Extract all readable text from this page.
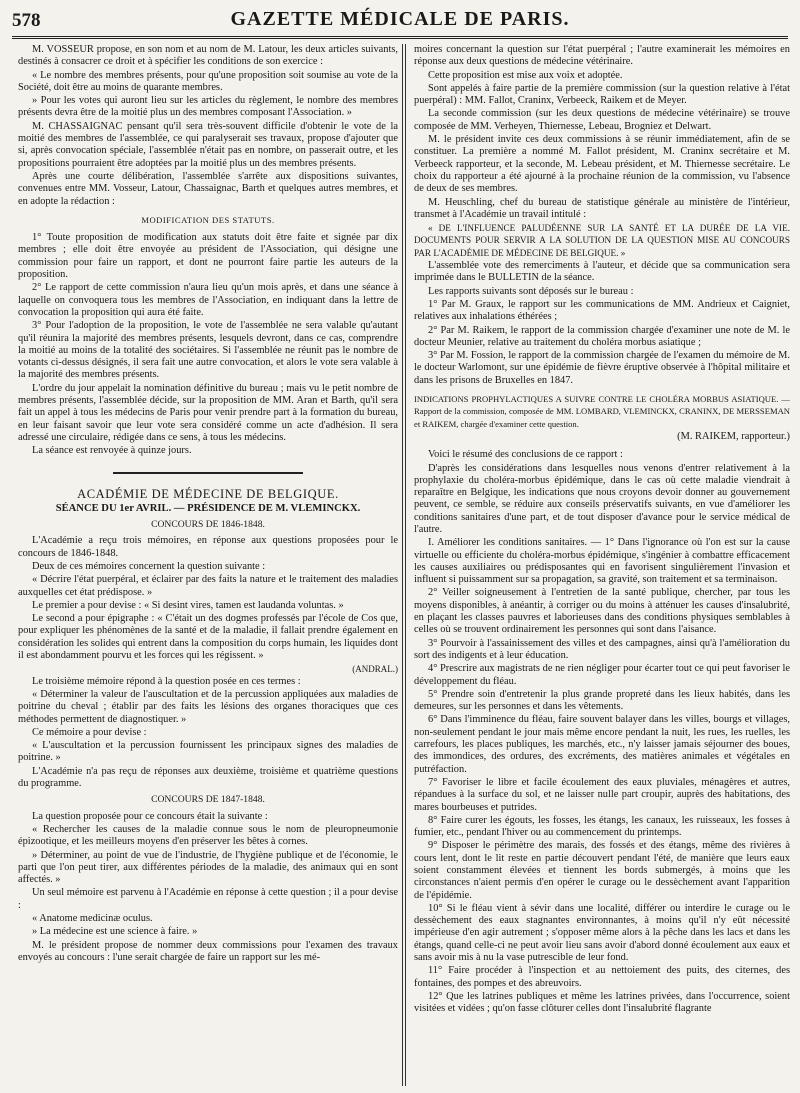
578	GAZETTE MÉDICALE DE PARIS.

M. VOSSEUR propose, en son nom et au nom de M. Latour, les deux articles suivants, destinés à consacrer ce droit et à spécifier les conditions de son exercice :

« Le nombre des membres présents, pour qu'une proposition soit soumise au vote de la Société, doit être au moins de quarante membres.

» Pour les votes qui auront lieu sur les articles du règlement, le nombre des membres présents devra être de la moitié plus un des membres composant l'Association. »

M. CHASSAIGNAC pensant qu'il sera très-souvent difficile d'obtenir le vote de la moitié des membres de l'assemblée, ce qui paralyserait ses travaux, propose d'ajouter que si, après convocation spéciale, l'assemblée n'était pas en nombre, on passerait outre, et les propositions pourraient être adoptées par la moitié plus un des membres présents.

Après une courte délibération, l'assemblée s'arrête aux dispositions suivantes, convenues entre MM. Vosseur, Latour, Chassaignac, Barth et quelques autres membres, et en adopte la rédaction :

MODIFICATION DES STATUTS.

1° Toute proposition de modification aux statuts doit être faite et signée par dix membres ; elle doit être envoyée au président de l'Association, qui désigne une commission pour faire un rapport, et dont ne pourront faire partie les auteurs de la proposition.

2° Le rapport de cette commission n'aura lieu qu'un mois après, et dans une séance à laquelle on convoquera tous les membres de l'Association, en indiquant dans la lettre de convocation la proposition qui aura été faite.

3° Pour l'adoption de la proposition, le vote de l'assemblée ne sera valable qu'autant qu'il réunira la majorité des membres présents, lesquels devront, dans ce cas, comprendre la moitié au moins de la totalité des sociétaires. Si l'assemblée ne réunit pas le nombre de votants ci-dessus désignés, il sera fait une autre convocation, et alors le vote sera valable à la majorité des membres présents.

L'ordre du jour appelait la nomination définitive du bureau ; mais vu le petit nombre de membres présents, l'assemblée décide, sur la proposition de MM. Aran et Barth, qu'il sera fait un appel à tous les médecins de Paris pour venir prendre part à la formation du bureau, en leur faisant savoir que leur vote sera considéré comme un acte d'adhésion. Il sera adressé une circulaire, rédigée dans ce sens, à tous les médecins.

La séance est renvoyée à quinze jours.

ACADÉMIE DE MÉDECINE DE BELGIQUE.
SÉANCE DU 1er AVRIL. — PRÉSIDENCE DE M. VLEMINCKX.
CONCOURS DE 1846-1848.

L'Académie a reçu trois mémoires, en réponse aux questions proposées pour le concours de 1846-1848.

Deux de ces mémoires concernent la question suivante :

« Décrire l'état puerpéral, et éclairer par des faits la nature et le traitement des maladies auxquelles cet état prédispose. »

Le premier a pour devise : « Si desint vires, tamen est laudanda voluntas. »

Le second a pour épigraphe : « C'était un des dogmes professés par l'école de Cos que, pour expliquer les phénomènes de la santé et de la maladie, il fallait prendre également en considération les solides qui entrent dans la composition du corps humain, les liquides dont il est abondamment pourvu et les forces qui les régissent. »

(ANDRAL.)

Le troisième mémoire répond à la question posée en ces termes :

« Déterminer la valeur de l'auscultation et de la percussion appliquées aux maladies de poitrine du cheval ; établir par des faits les lésions des organes thoraciques que ces méthodes permettent de diagnostiquer. »

Ce mémoire a pour devise :

« L'auscultation et la percussion fournissent les principaux signes des maladies de poitrine. »

L'Académie n'a pas reçu de réponses aux deuxième, troisième et quatrième questions du programme.

CONCOURS DE 1847-1848.

La question proposée pour ce concours était la suivante :

« Rechercher les causes de la maladie connue sous le nom de pleuropneumonie épizootique, et les meilleurs moyens d'en préserver les bêtes à cornes.

» Déterminer, au point de vue de l'industrie, de l'hygiène publique et de l'économie, le parti que l'on peut tirer, aux différentes périodes de la maladie, des animaux qui en sont affectés. »

Un seul mémoire est parvenu à l'Académie en réponse à cette question ; il a pour devise :

« Anatome medicinæ oculus.

» La médecine est une science à faire. »

M. le président propose de nommer deux commissions pour l'examen des travaux envoyés au concours : l'une serait chargée de faire un rapport sur les mé-

moires concernant la question sur l'état puerpéral ; l'autre examinerait les mémoires en réponse aux deux questions de médecine vétérinaire.

Cette proposition est mise aux voix et adoptée.

Sont appelés à faire partie de la première commission (sur la question relative à l'état puerpéral) : MM. Fallot, Craninx, Verbeeck, Raikem et de Meyer.

La seconde commission (sur les deux questions de médecine vétérinaire) se trouve composée de MM. Verheyen, Thiernesse, Lebeau, Brogniez et Delwart.

M. le président invite ces deux commissions à se réunir immédiatement, afin de se constituer. La première a nommé M. Fallot président, M. Craninx secrétaire et M. Verbeeck rapporteur, et la seconde, M. Lebeau président, et M. Thiernesse secrétaire. Le choix du rapporteur a été ajourné à la prochaine réunion de la commission, vu l'absence de deux de ses membres.

M. Heuschling, chef du bureau de statistique générale au ministère de l'intérieur, transmet à l'Académie un travail intitulé :

« DE L'INFLUENCE PALUDÉENNE SUR LA SANTÉ ET LA DURÉE DE LA VIE. DOCUMENTS POUR SERVIR A LA SOLUTION DE LA QUESTION MISE AU CONCOURS PAR L'ACADÉMIE DE MÉDECINE DE BELGIQUE. »

L'assemblée vote des remerciments à l'auteur, et décide que sa communication sera imprimée dans le BULLETIN de la séance.

Les rapports suivants sont déposés sur le bureau :

1° Par M. Graux, le rapport sur les communications de MM. Andrieux et Caigniet, relatives aux inhalations éthérées ;

2° Par M. Raikem, le rapport de la commission chargée d'examiner une note de M. le docteur Meunier, relative au traitement du choléra morbus asiatique ;

3° Par M. Fossion, le rapport de la commission chargée de l'examen du mémoire de M. le docteur Warlomont, sur une épidémie de fièvre éruptive observée à l'hôpital militaire et dans les prisons de Bruxelles en 1847.

INDICATIONS PROPHYLACTIQUES A SUIVRE CONTRE LE CHOLÉRA MORBUS ASIATIQUE. — Rapport de la commission, composée de MM. LOMBARD, VLEMINCKX, CRANINX, DE MERSSEMAN et RAIKEM, chargée d'examiner cette question.

(M. RAIKEM, rapporteur.)

Voici le résumé des conclusions de ce rapport :

D'après les considérations dans lesquelles nous venons d'entrer relativement à la prophylaxie du choléra-morbus épidémique, dans le cas où cette maladie viendrait à reparaître en Belgique, les indications que nous croyons devoir donner au gouvernement peuvent, ce semble, se réduire aux conseils préservatifs suivants, en vue d'améliorer les conditions sanitaires d'une part, et de tout disposer d'avance pour le service médical de l'autre.

I. Améliorer les conditions sanitaires. — 1° Dans l'ignorance où l'on est sur la cause virtuelle ou efficiente du choléra-morbus épidémique, s'ingénier à combattre efficacement les causes auxiliaires ou prédisposantes qui en favorisent singulièrement l'invasion et influent si puissamment sur sa propagation, sa gravité, son traitement et sa terminaison.

2° Veiller soigneusement à l'entretien de la santé publique, chercher, par tous les moyens disponibles, à anéantir, à corriger ou du moins à atténuer les causes d'insalubrité, en plaçant les classes pauvres et laborieuses dans des conditions physiques semblables à celles où se trouvent ordinairement les personnes qui sont dans l'aisance.

3° Pourvoir à l'assainissement des villes et des campagnes, ainsi qu'à l'amélioration du sort des indigents et à leur éducation.

4° Prescrire aux magistrats de ne rien négliger pour écarter tout ce qui peut favoriser le développement du fléau.

5° Prendre soin d'entretenir la plus grande propreté dans les lieux habités, dans les demeures, sur les personnes et dans les vêtements.

6° Dans l'imminence du fléau, faire souvent balayer dans les villes, bourgs et villages, non-seulement pendant le jour mais même encore pendant la nuit, les rues, les ruelles, les carrefours, les places publiques, les marchés, etc., n'y laisser jamais séjourner des boues, des immondices, des ordures, des excréments, des matières animales et végétales en putréfaction.

7° Favoriser le libre et facile écoulement des eaux pluviales, ménagères et autres, répandues à la surface du sol, et ne laisser nulle part croupir, auprès des habitations, des mares bourbeuses et putrides.

8° Faire curer les égouts, les fosses, les étangs, les canaux, les ruisseaux, les fosses à fumier, etc., pendant l'hiver ou au commencement du printemps.

9° Disposer le périmètre des marais, des fossés et des étangs, même des rivières à cours lent, dont le lit reste en partie découvert pendant l'été, de manière que leurs eaux soient constamment élevées et tiennent les bords submergés, à moins que les circonstances n'aient permis d'en opérer le curage ou le dessèchement avant l'apparition de l'épidémie.

10° Si le fléau vient à sévir dans une localité, différer ou interdire le curage ou le dessèchement des eaux stagnantes environnantes, à moins qu'il n'y eût nécessité impérieuse d'en agir autrement ; s'opposer même alors à la pêche dans les lacs et dans les étangs, quand celle-ci ne peut avoir lieu sans avoir d'abord donné écoulement aux eaux et sans avoir mis à nu la vase putrescible de leur fond.

11° Faire procéder à l'inspection et au nettoiement des puits, des citernes, des fontaines, des pompes et des abreuvoirs.

12° Que les latrines publiques et même les latrines privées, dans l'occurrence, soient visitées et vidées ; qu'on fasse clôturer celles dont l'insalubrité flagrante
